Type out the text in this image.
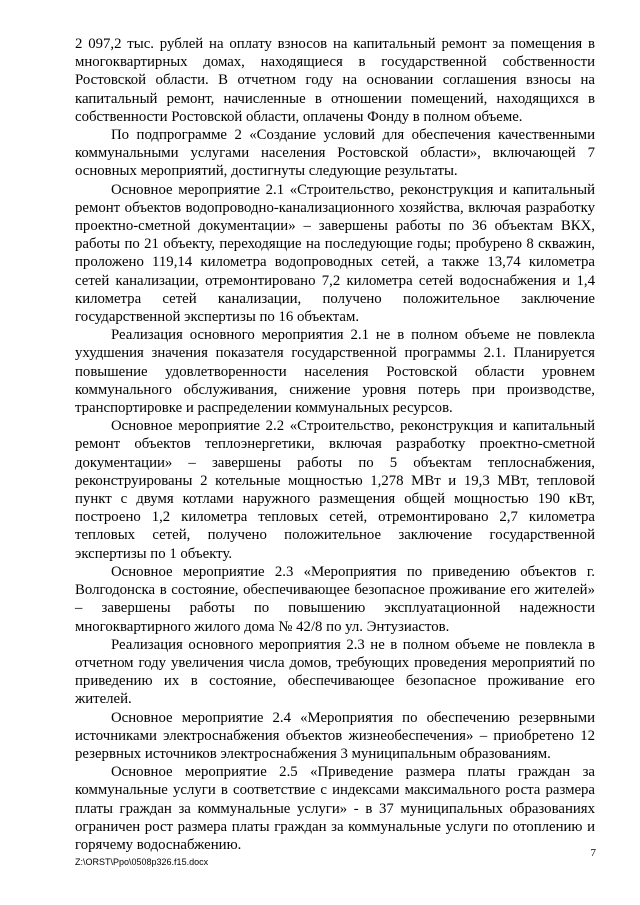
2 097,2 тыс. рублей на оплату взносов на капитальный ремонт за помещения в многоквартирных домах, находящиеся в государственной собственности Ростовской области. В отчетном году на основании соглашения взносы на капитальный ремонт, начисленные в отношении помещений, находящихся в собственности Ростовской области, оплачены Фонду в полном объеме.

По подпрограмме 2 «Создание условий для обеспечения качественными коммунальными услугами населения Ростовской области», включающей 7 основных мероприятий, достигнуты следующие результаты.

Основное мероприятие 2.1 «Строительство, реконструкция и капитальный ремонт объектов водопроводно-канализационного хозяйства, включая разработку проектно-сметной документации» – завершены работы по 36 объектам ВКХ, работы по 21 объекту, переходящие на последующие годы; пробурено 8 скважин, проложено 119,14 километра водопроводных сетей, а также 13,74 километра сетей канализации, отремонтировано 7,2 километра сетей водоснабжения и 1,4 километра сетей канализации, получено положительное заключение государственной экспертизы по 16 объектам.

Реализация основного мероприятия 2.1 не в полном объеме не повлекла ухудшения значения показателя государственной программы 2.1. Планируется повышение удовлетворенности населения Ростовской области уровнем коммунального обслуживания, снижение уровня потерь при производстве, транспортировке и распределении коммунальных ресурсов.

Основное мероприятие 2.2 «Строительство, реконструкция и капитальный ремонт объектов теплоэнергетики, включая разработку проектно-сметной документации» – завершены работы по 5 объектам теплоснабжения, реконструированы 2 котельные мощностью 1,278 МВт и 19,3 МВт, тепловой пункт с двумя котлами наружного размещения общей мощностью 190 кВт, построено 1,2 километра тепловых сетей, отремонтировано 2,7 километра тепловых сетей, получено положительное заключение государственной экспертизы по 1 объекту.

Основное мероприятие 2.3 «Мероприятия по приведению объектов г. Волгодонска в состояние, обеспечивающее безопасное проживание его жителей» – завершены работы по повышению эксплуатационной надежности многоквартирного жилого дома № 42/8 по ул. Энтузиастов.

Реализация основного мероприятия 2.3 не в полном объеме не повлекла в отчетном году увеличения числа домов, требующих проведения мероприятий по приведению их в состояние, обеспечивающее безопасное проживание его жителей.

Основное мероприятие 2.4 «Мероприятия по обеспечению резервными источниками электроснабжения объектов жизнеобеспечения» – приобретено 12 резервных источников электроснабжения 3 муниципальным образованиям.

Основное мероприятие 2.5 «Приведение размера платы граждан за коммунальные услуги в соответствие с индексами максимального роста размера платы граждан за коммунальные услуги» - в 37 муниципальных образованиях ограничен рост размера платы граждан за коммунальные услуги по отоплению и горячему водоснабжению.

7
Z:\ORST\Ppo\0508p326.f15.docx
